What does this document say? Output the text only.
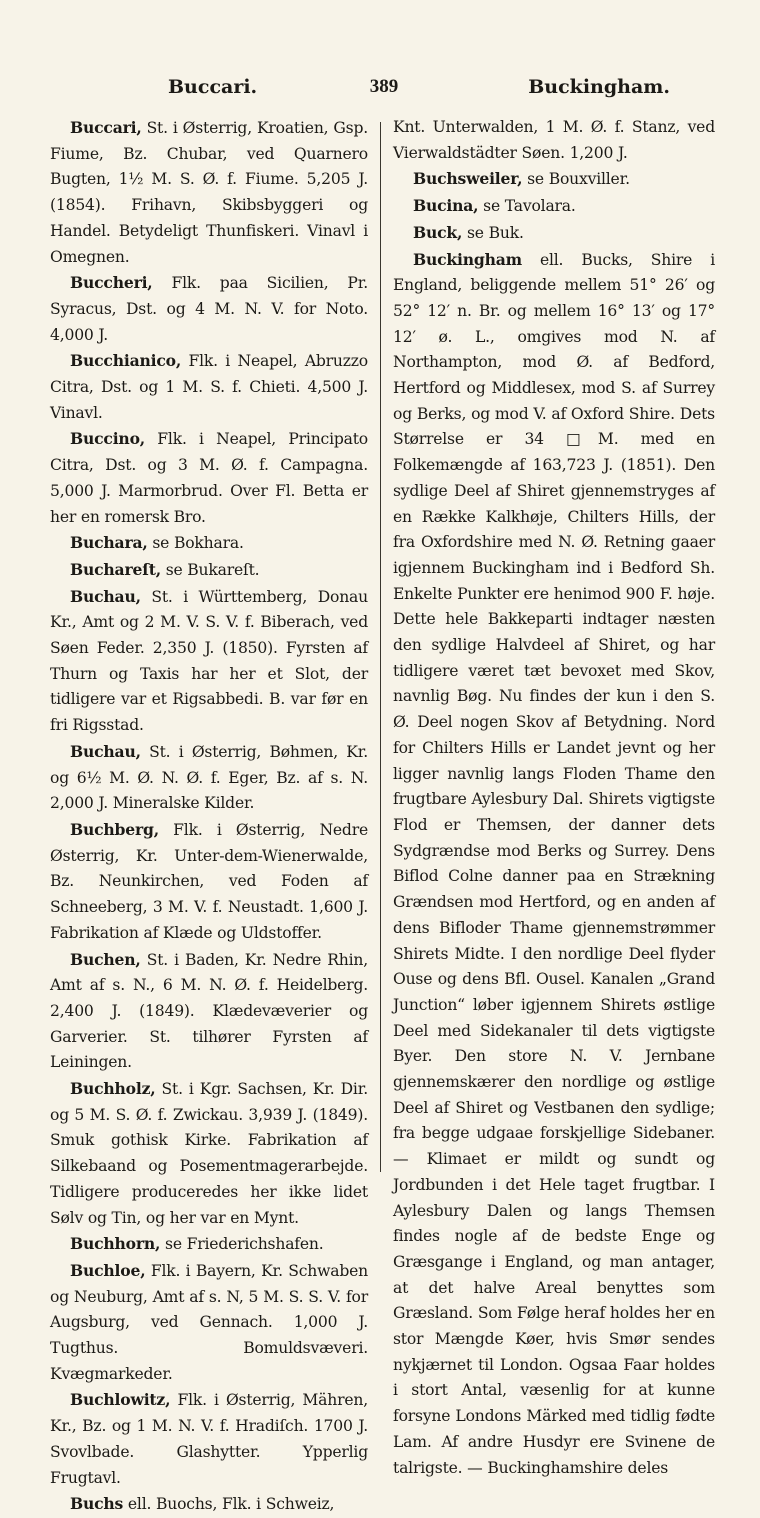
Buccari.	389	Buckingham.

Buccari, St. i Østerrig, Kroatien, Gsp. Fiume, Bz. Chubar, ved Quarnero Bugten, 1½ M. S. Ø. f. Fiume. 5,205 J. (1854). Frihavn, Skibsbyggeri og Handel. Betydeligt Thunfiskeri. Vinavl i Omegnen.

Buccheri, Flk. paa Sicilien, Pr. Syracus, Dst. og 4 M. N. V. for Noto. 4,000 J.

Bucchianico, Flk. i Neapel, Abruzzo Citra, Dst. og 1 M. S. f. Chieti. 4,500 J. Vinavl.

Buccino, Flk. i Neapel, Principato Citra, Dst. og 3 M. Ø. f. Campagna. 5,000 J. Marmorbrud. Over Fl. Betta er her en romersk Bro.

Buchara, se Bokhara.

Buchareſt, se Bukareſt.

Buchau, St. i Württemberg, Donau Kr., Amt og 2 M. V. S. V. f. Biberach, ved Søen Feder. 2,350 J. (1850). Fyrsten af Thurn og Taxis har her et Slot, der tidligere var et Rigsabbedi. B. var før en fri Rigsstad.

Buchau, St. i Østerrig, Bøhmen, Kr. og 6½ M. Ø. N. Ø. f. Eger, Bz. af s. N. 2,000 J. Mineralske Kilder.

Buchberg, Flk. i Østerrig, Nedre Østerrig, Kr. Unter-dem-Wienerwalde, Bz. Neunkirchen, ved Foden af Schneeberg, 3 M. V. f. Neustadt. 1,600 J. Fabrikation af Klæde og Uldstoffer.

Buchen, St. i Baden, Kr. Nedre Rhin, Amt af s. N., 6 M. N. Ø. f. Heidelberg. 2,400 J. (1849). Klædevæverier og Garverier. St. tilhører Fyrsten af Leiningen.

Buchholz, St. i Kgr. Sachsen, Kr. Dir. og 5 M. S. Ø. f. Zwickau. 3,939 J. (1849). Smuk gothisk Kirke. Fabrikation af Silkebaand og Posementmagerarbejde. Tidligere produceredes her ikke lidet Sølv og Tin, og her var en Mynt.

Buchhorn, se Friederichshafen.

Buchloe, Flk. i Bayern, Kr. Schwaben og Neuburg, Amt af s. N, 5 M. S. S. V. for Augsburg, ved Gennach. 1,000 J. Tugthus. Bomuldsvæveri. Kvægmarkeder.

Buchlowitz, Flk. i Østerrig, Mähren, Kr., Bz. og 1 M. N. V. f. Hradiſch. 1700 J. Svovlbade. Glashytter. Ypperlig Frugtavl.

Buchs ell. Buochs, Flk. i Schweiz,

Knt. Unterwalden, 1 M. Ø. f. Stanz, ved Vierwaldstädter Søen. 1,200 J.

Buchsweiler, se Bouxviller.

Bucina, se Tavolara.

Buck, se Buk.

Buckingham ell. Bucks, Shire i England, beliggende mellem 51° 26′ og 52° 12′ n. Br. og mellem 16° 13′ og 17° 12′ ø. L., omgives mod N. af Northampton, mod Ø. af Bedford, Hertford og Middlesex, mod S. af Surrey og Berks, og mod V. af Oxford Shire. Dets Størrelse er 34 □M. med en Folkemængde af 163,723 J. (1851). Den sydlige Deel af Shiret gjennemstryges af en Række Kalkhøje, Chilters Hills, der fra Oxfordshire med N. Ø. Retning gaaer igjennem Buckingham ind i Bedford Sh. Enkelte Punkter ere henimod 900 F. høje. Dette hele Bakkeparti indtager næsten den sydlige Halvdeel af Shiret, og har tidligere været tæt bevoxet med Skov, navnlig Bøg. Nu findes der kun i den S. Ø. Deel nogen Skov af Betydning. Nord for Chilters Hills er Landet jevnt og her ligger navnlig langs Floden Thame den frugtbare Aylesbury Dal. Shirets vigtigste Flod er Themsen, der danner dets Sydgrændse mod Berks og Surrey. Dens Biflod Colne danner paa en Strækning Grændsen mod Hertford, og en anden af dens Bifloder Thame gjennemstrømmer Shirets Midte. I den nordlige Deel flyder Ouse og dens Bfl. Ousel. Kanalen „Grand Junction“ løber igjennem Shirets østlige Deel med Sidekanaler til dets vigtigste Byer. Den store N. V. Jernbane gjennemskærer den nordlige og østlige Deel af Shiret og Vestbanen den sydlige; fra begge udgaae forskjellige Sidebaner. — Klimaet er mildt og sundt og Jordbunden i det Hele taget frugtbar. I Aylesbury Dalen og langs Themsen findes nogle af de bedste Enge og Græsgange i England, og man antager, at det halve Areal benyttes som Græsland. Som Følge heraf holdes her en stor Mængde Køer, hvis Smør sendes nykjærnet til London. Ogsaa Faar holdes i stort Antal, væsenlig for at kunne forsyne Londons Märked med tidlig fødte Lam. Af andre Husdyr ere Svinene de talrigste. — Buckinghamshire deles
